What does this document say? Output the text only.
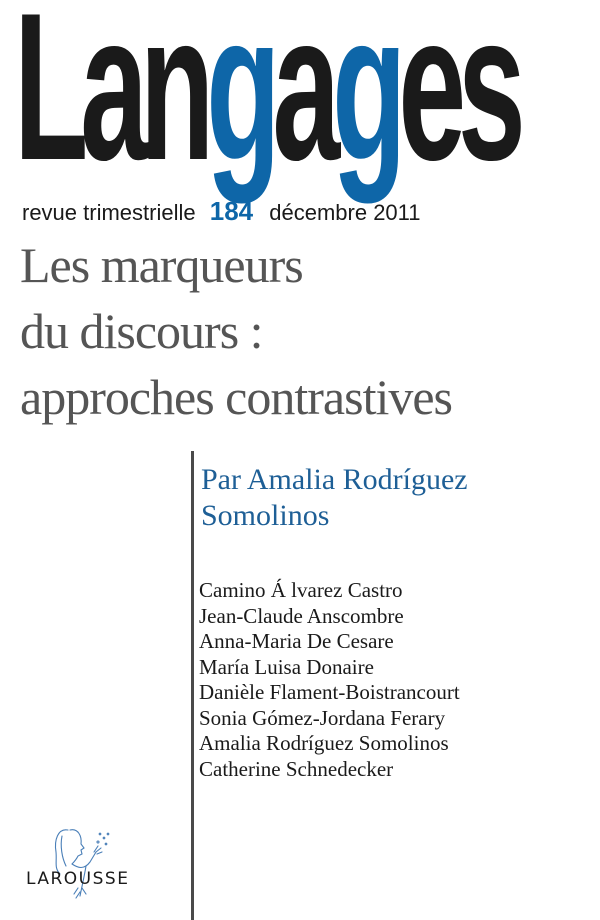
Langages
revue trimestrielle 184 décembre 2011
Les marqueurs
du discours :
approches contrastives
Par Amalia Rodríguez
Somolinos
Camino Á lvarez Castro
Jean-Claude Anscombre
Anna-Maria De Cesare
María Luisa Donaire
Danièle Flament-Boistrancourt
Sonia Gómez-Jordana Ferary
Amalia Rodríguez Somolinos
Catherine Schnedecker
LAROUSSE
